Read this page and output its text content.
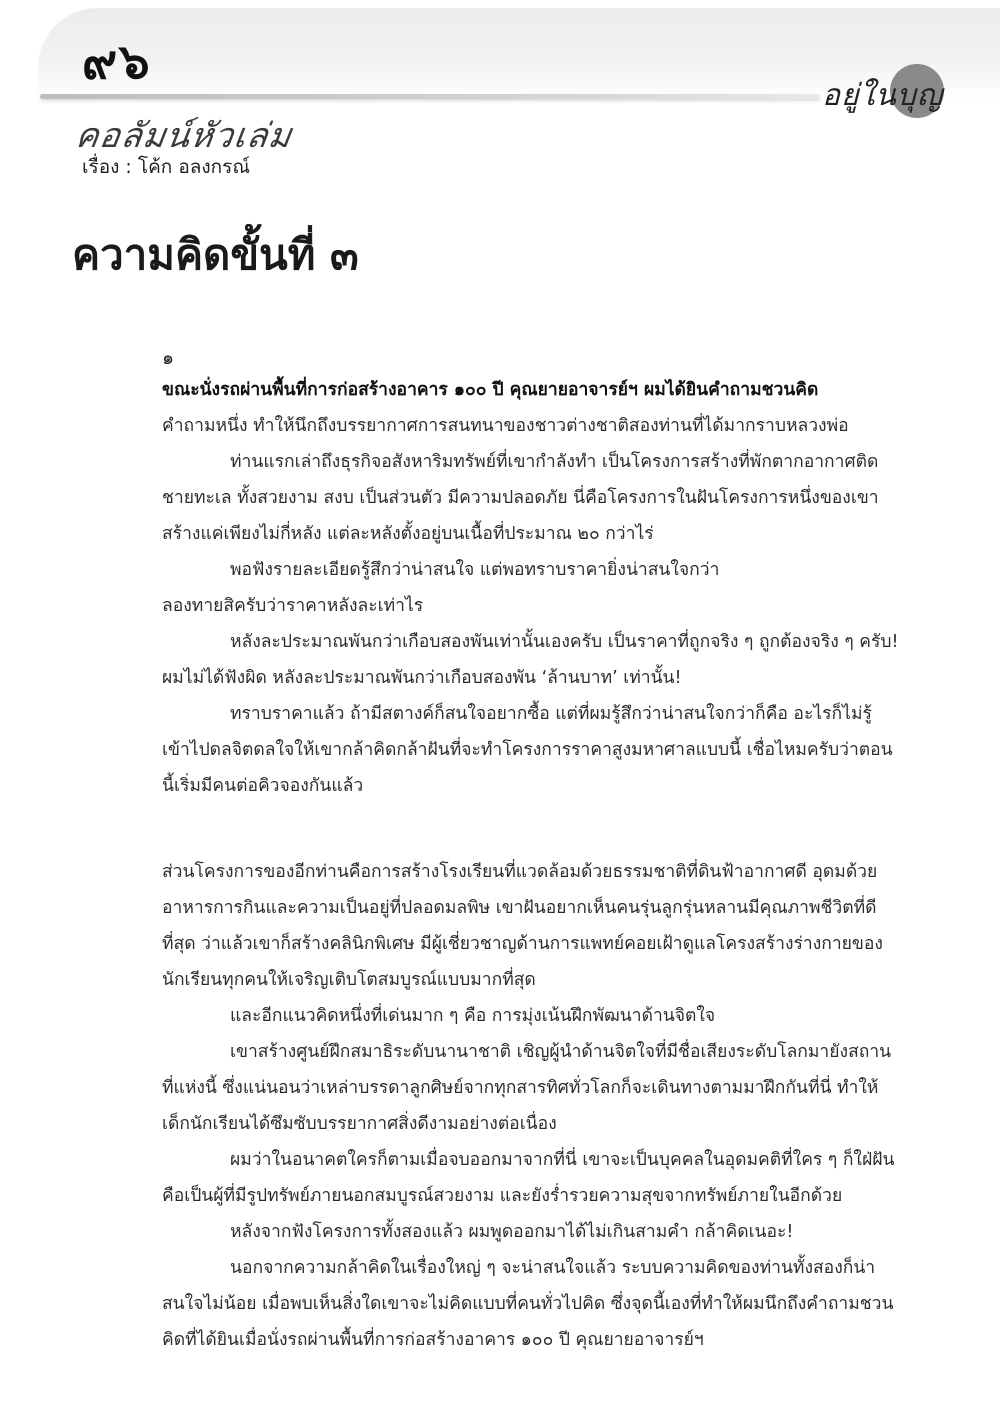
๙๖
อยู่ในบุญ
คอลัมน์หัวเล่ม
เรื่อง : โค้ก อลงกรณ์
ความคิดขั้นที่ ๓
๑

ขณะนั่งรถผ่านพื้นที่การก่อสร้างอาคาร ๑๐๐ ปี คุณยายอาจารย์ฯ ผมได้ยินคำถามชวนคิด

คำถามหนึ่ง ทำให้นึกถึงบรรยากาศการสนทนาของชาวต่างชาติสองท่านที่ได้มากราบหลวงพ่อ

ท่านแรกเล่าถึงธุรกิจอสังหาริมทรัพย์ที่เขากำลังทำ เป็นโครงการสร้างที่พักตากอากาศติดชายทะเล ทั้งสวยงาม สงบ เป็นส่วนตัว มีความปลอดภัย นี่คือโครงการในฝันโครงการหนึ่งของเขา สร้างแค่เพียงไม่กี่หลัง แต่ละหลังตั้งอยู่บนเนื้อที่ประมาณ ๒๐ กว่าไร่

พอฟังรายละเอียดรู้สึกว่าน่าสนใจ แต่พอทราบราคายิ่งน่าสนใจกว่า

ลองทายสิครับว่าราคาหลังละเท่าไร

หลังละประมาณพันกว่าเกือบสองพันเท่านั้นเองครับ เป็นราคาที่ถูกจริง ๆ ถูกต้องจริง ๆ ครับ! ผมไม่ได้ฟังผิด หลังละประมาณพันกว่าเกือบสองพัน ‘ล้านบาท’ เท่านั้น!

ทราบราคาแล้ว ถ้ามีสตางค์ก็สนใจอยากซื้อ แต่ที่ผมรู้สึกว่าน่าสนใจกว่าก็คือ อะไรก็ไม่รู้เข้าไปดลจิตดลใจให้เขากล้าคิดกล้าฝันที่จะทำโครงการราคาสูงมหาศาลแบบนี้ เชื่อไหมครับว่าตอนนี้เริ่มมีคนต่อคิวจองกันแล้ว

ส่วนโครงการของอีกท่านคือการสร้างโรงเรียนที่แวดล้อมด้วยธรรมชาติที่ดินฟ้าอากาศดี อุดมด้วยอาหารการกินและความเป็นอยู่ที่ปลอดมลพิษ เขาฝันอยากเห็นคนรุ่นลูกรุ่นหลานมีคุณภาพชีวิตที่ดีที่สุด ว่าแล้วเขาก็สร้างคลินิกพิเศษ มีผู้เชี่ยวชาญด้านการแพทย์คอยเฝ้าดูแลโครงสร้างร่างกายของนักเรียนทุกคนให้เจริญเติบโตสมบูรณ์แบบมากที่สุด

และอีกแนวคิดหนึ่งที่เด่นมาก ๆ คือ การมุ่งเน้นฝึกพัฒนาด้านจิตใจ

เขาสร้างศูนย์ฝึกสมาธิระดับนานาชาติ เชิญผู้นำด้านจิตใจที่มีชื่อเสียงระดับโลกมายังสถานที่แห่งนี้ ซึ่งแน่นอนว่าเหล่าบรรดาลูกศิษย์จากทุกสารทิศทั่วโลกก็จะเดินทางตามมาฝึกกันที่นี่ ทำให้เด็กนักเรียนได้ซึมซับบรรยากาศสิ่งดีงามอย่างต่อเนื่อง

ผมว่าในอนาคตใครก็ตามเมื่อจบออกมาจากที่นี่ เขาจะเป็นบุคคลในอุดมคติที่ใคร ๆ ก็ใฝ่ฝัน คือเป็นผู้ที่มีรูปทรัพย์ภายนอกสมบูรณ์สวยงาม และยังร่ำรวยความสุขจากทรัพย์ภายในอีกด้วย

หลังจากฟังโครงการทั้งสองแล้ว ผมพูดออกมาได้ไม่เกินสามคำ กล้าคิดเนอะ!

นอกจากความกล้าคิดในเรื่องใหญ่ ๆ จะน่าสนใจแล้ว ระบบความคิดของท่านทั้งสองก็น่าสนใจไม่น้อย เมื่อพบเห็นสิ่งใดเขาจะไม่คิดแบบที่คนทั่วไปคิด ซึ่งจุดนี้เองที่ทำให้ผมนึกถึงคำถามชวนคิดที่ได้ยินเมื่อนั่งรถผ่านพื้นที่การก่อสร้างอาคาร ๑๐๐ ปี คุณยายอาจารย์ฯ
